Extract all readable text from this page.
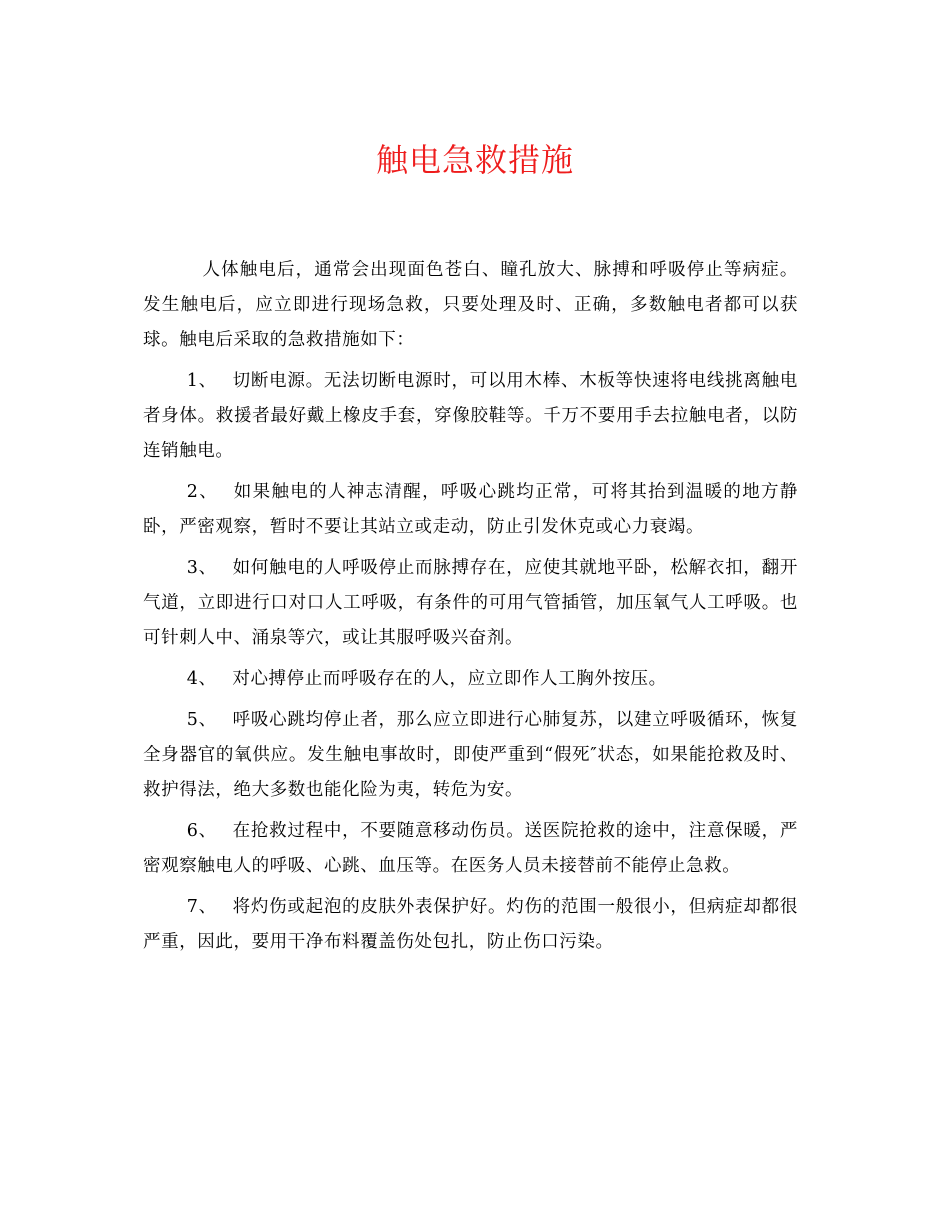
触电急救措施

人体触电后，通常会出现面色苍白、瞳孔放大、脉搏和呼吸停止等病症。发生触电后，应立即进行现场急救，只要处理及时、正确，多数触电者都可以获球。触电后采取的急救措施如下：

1、 切断电源。无法切断电源时，可以用木棒、木板等快速将电线挑离触电者身体。救援者最好戴上橡皮手套，穿像胶鞋等。千万不要用手去拉触电者，以防连销触电。

2、 如果触电的人神志清醒，呼吸心跳均正常，可将其抬到温暖的地方静卧，严密观察，暂时不要让其站立或走动，防止引发休克或心力衰竭。

3、 如何触电的人呼吸停止而脉搏存在，应使其就地平卧，松解衣扣，翻开气道，立即进行口对口人工呼吸，有条件的可用气管插管，加压氧气人工呼吸。也可针刺人中、涌泉等穴，或让其服呼吸兴奋剂。

4、 对心搏停止而呼吸存在的人，应立即作人工胸外按压。

5、 呼吸心跳均停止者，那么应立即进行心肺复苏，以建立呼吸循环，恢复全身器官的氧供应。发生触电事故时，即使严重到“假死″状态，如果能抢救及时、救护得法，绝大多数也能化险为夷，转危为安。

6、 在抢救过程中，不要随意移动伤员。送医院抢救的途中，注意保暖，严密观察触电人的呼吸、心跳、血压等。在医务人员未接替前不能停止急救。

7、 将灼伤或起泡的皮肤外表保护好。灼伤的范围一般很小，但病症却都很严重，因此，要用干净布料覆盖伤处包扎，防止伤口污染。
